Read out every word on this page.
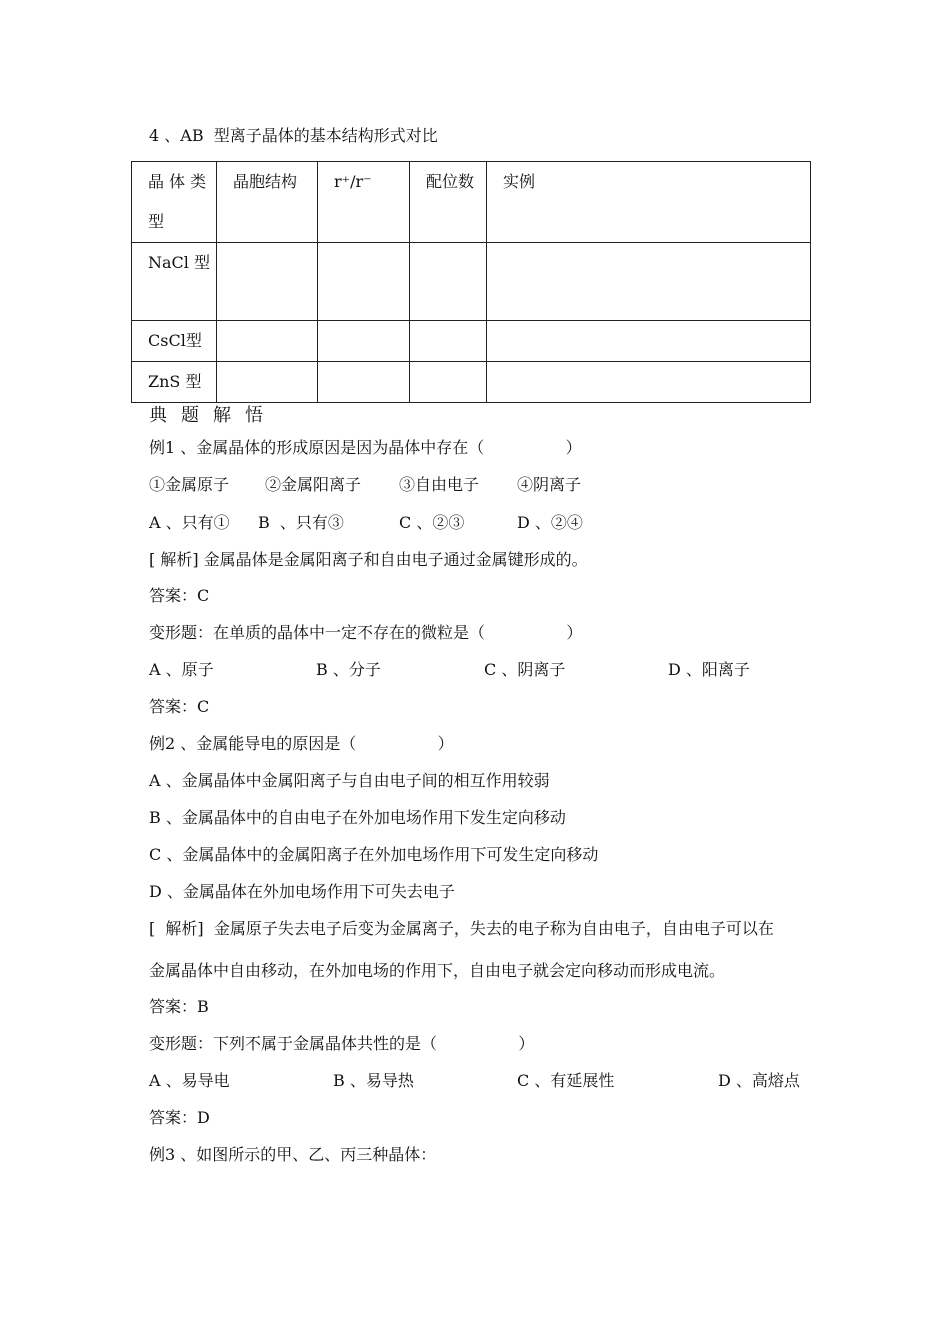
4 、AB  型离子晶体的基本结构形式对比
晶 体 类 型	晶胞结构	r⁺/r⁻	配位数	实例
NaCl 型				
CsCl型				
ZnS 型				
典题解悟
例1 、金属晶体的形成原因是因为晶体中存在（                ）
①金属原子 ②金属阳离子 ③自由电子 ④阴离子
A 、只有① B  、只有③	C 、②③	D 、②④
[ 解析] 金属晶体是金属阳离子和自由电子通过金属键形成的。
答案：C
变形题：在单质的晶体中一定不存在的微粒是（                ）
A 、原子	B 、分子	C 、阴离子	D 、阳离子
答案：C
例2 、金属能导电的原因是（                ）
A 、金属晶体中金属阳离子与自由电子间的相互作用较弱
B 、金属晶体中的自由电子在外加电场作用下发生定向移动
C 、金属晶体中的金属阳离子在外加电场作用下可发生定向移动
D 、金属晶体在外加电场作用下可失去电子
[  解析]  金属原子失去电子后变为金属离子，失去的电子称为自由电子，自由电子可以在
金属晶体中自由移动，在外加电场的作用下，自由电子就会定向移动而形成电流。
答案：B
变形题：下列不属于金属晶体共性的是（                ）
A 、易导电	B 、易导热	C 、有延展性	D 、高熔点
答案：D
例3 、如图所示的甲、乙、丙三种晶体：
